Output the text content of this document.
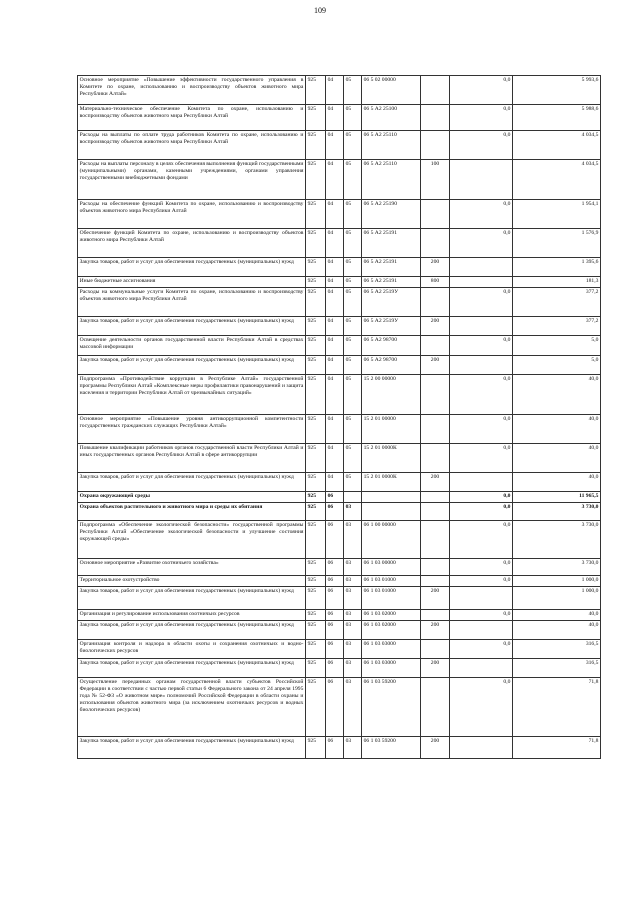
109
Основное мероприятие «Повышение эффективности государственного управления в Комитете по охране, использованию и воспроизводству объектов животного мира Республики Алтай»	925	04	05	06 5 02 00000		0,0	5 993,6
Материально-техническое обеспечение Комитета по охране, использованию и воспроизводству объектов животного мира Республики Алтай	925	04	05	06 5 А2 25100		0,0	5 988,6
Расходы на выплаты по оплате труда работников Комитета по охране, использованию и воспроизводству объектов животного мира Республики Алтай	925	04	05	06 5 А2 25110		0,0	4 034,5
Расходы на выплаты персоналу в целях обеспечения выполнения функций государственными (муниципальными) органами, казенными учреждениями, органами управления государственными внебюджетными фондами	925	04	05	06 5 А2 25110	100		4 034,5
Расходы на обеспечение функций Комитета по охране, использованию и воспроизводству объектов животного мира Республики Алтай	925	04	05	06 5 А2 25190		0,0	1 954,1
Обеспечение функций Комитета по охране, использованию и воспроизводству объектов животного мира Республики Алтай	925	04	05	06 5 А2 25191		0,0	1 576,9
Закупка товаров, работ и услуг для обеспечения государственных (муниципальных) нужд	925	04	05	06 5 А2 25191	200		1 395,6
Иные бюджетные ассигнования	925	04	05	06 5 А2 25191	800		181,3
Расходы на коммунальные услуги Комитета по охране, использованию и воспроизводству объектов животного мира Республики Алтай	925	04	05	06 5 А2 2519У		0,0	377,2
Закупка товаров, работ и услуг для обеспечения государственных (муниципальных) нужд	925	04	05	06 5 А2 2519У	200		377,2
Освещение деятельности органов государственной власти Республики Алтай в средствах массовой информации	925	04	05	06 5 А2 98700		0,0	5,0
Закупка товаров, работ и услуг для обеспечения государственных (муниципальных) нужд	925	04	05	06 5 А2 98700	200		5,0
Подпрограмма «Противодействие коррупции в Республике Алтай» государственной программы Республики Алтай «Комплексные меры профилактики правонарушений и защита населения и территории Республики Алтай от чрезвычайных ситуаций»	925	04	05	15 2 00 00000		0,0	40,0
Основное мероприятие «Повышение уровня антикоррупционной компетентности государственных гражданских служащих Республики Алтай»	925	04	05	15 2 01 00000		0,0	40,0
Повышение квалификации работников органов государственной власти Республики Алтай и иных государственных органов Республики Алтай в сфере антикоррупции	925	04	05	15 2 01 0000К		0,0	40,0
Закупка товаров, работ и услуг для обеспечения государственных (муниципальных) нужд	925	04	05	15 2 01 0000К	200		40,0
Охрана окружающей среды	925	06				0,0	11 965,5
Охрана объектов растительного и животного мира и среды их обитания	925	06	03			0,0	3 730,0
Подпрограмма «Обеспечение экологической безопасности» государственной программы Республики Алтай «Обеспечение экологической безопасности и улучшение состояния окружающей среды»	925	06	03	06 1 00 00000		0,0	3 730,0
Основное мероприятие «Развитие охотничьего хозяйства»	925	06	03	06 1 03 00000		0,0	3 730,0
Территориальное охотустройство	925	06	03	06 1 03 01000		0,0	1 000,0
Закупка товаров, работ и услуг для обеспечения государственных (муниципальных) нужд	925	06	03	06 1 03 01000	200		1 000,0
Организация и регулирование использования охотничьих ресурсов	925	06	03	06 1 03 02000		0,0	40,0
Закупка товаров, работ и услуг для обеспечения государственных (муниципальных) нужд	925	06	03	06 1 03 02000	200		40,0
Организация контроля и надзора в области охоты и сохранения охотничьих и водно-биологических ресурсов	925	06	03	06 1 03 03000		0,0	316,5
Закупка товаров, работ и услуг для обеспечения государственных (муниципальных) нужд	925	06	03	06 1 03 03000	200		316,5
Осуществление переданных органам государственной власти субъектов Российской Федерации в соответствии с частью первой статьи 6 Федерального закона от 24 апреля 1995 года № 52-ФЗ «О животном мире» полномочий Российской Федерации в области охраны и использования объектов животного мира (за исключением охотничьих ресурсов и водных биологических ресурсов)	925	06	03	06 1 03 59200		0,0	71,8
Закупка товаров, работ и услуг для обеспечения государственных (муниципальных) нужд	925	06	03	06 1 03 59200	200		71,8
